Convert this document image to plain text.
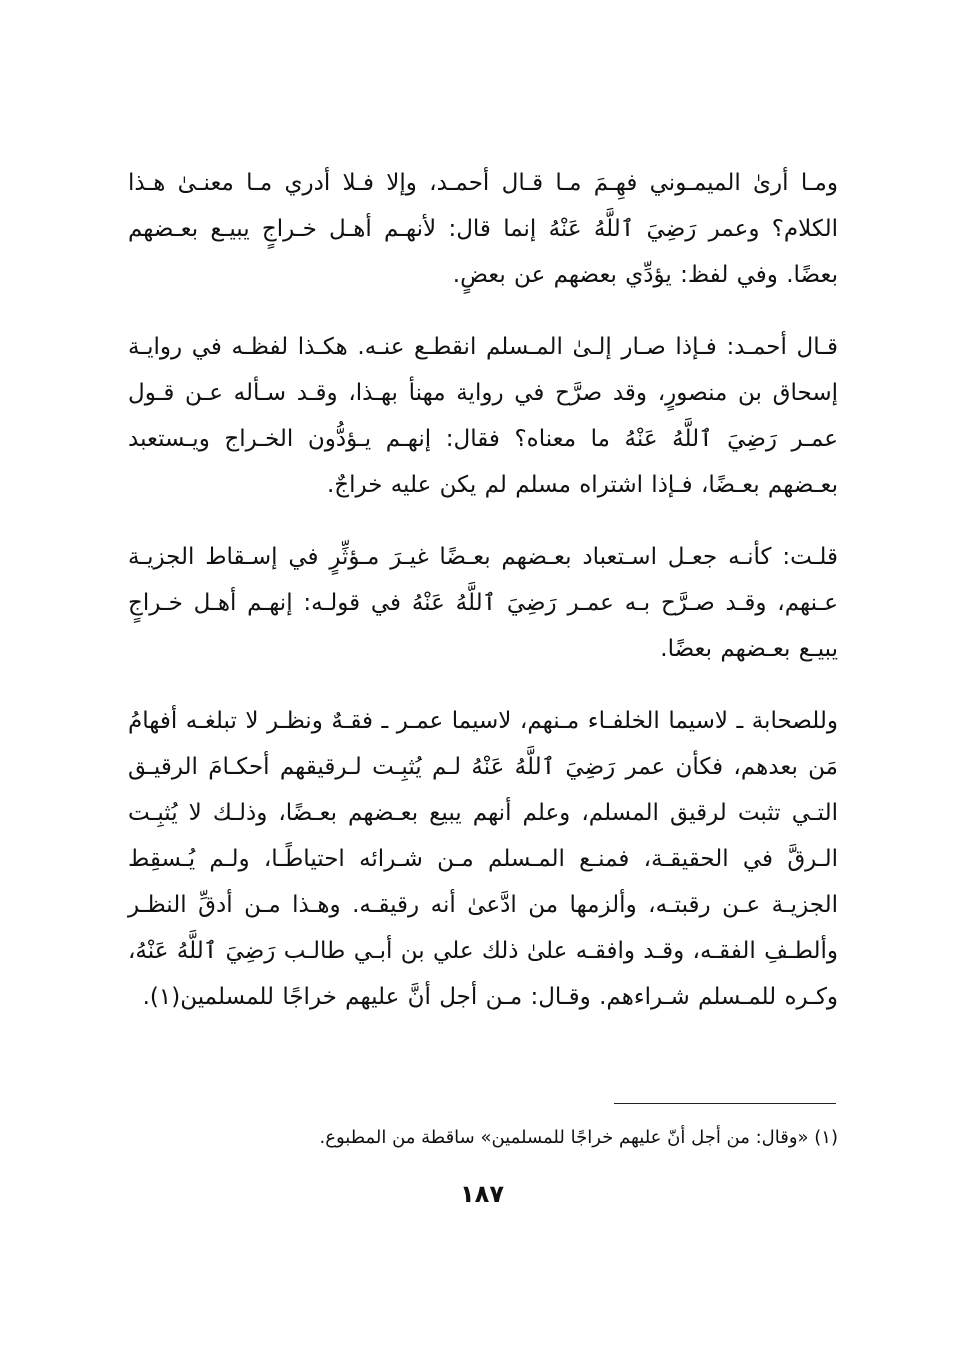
ومـا أرىٰ الميمـوني فهِـمَ مـا قـال أحمـد، وإلا فـلا أدري مـا معنـىٰ هـذا الكلام؟ وعمر رَضِيَ ٱللَّهُ عَنْهُ إنما قال: لأنهـم أهـل خـراجٍ يبيـع بعـضهم بعضًا. وفي لفظ: يؤدِّي بعضهم عن بعضٍ.

قـال أحمـد: فـإذا صـار إلـىٰ المـسلم انقطـع عنـه. هكـذا لفظـه في روايـة إسحاق بن منصورٍ، وقد صرَّح في رواية مهنأ بهـذا، وقـد سـأله عـن قـول عمـر رَضِيَ ٱللَّهُ عَنْهُ ما معناه؟ فقال: إنهـم يـؤدُّون الخـراج ويـستعبد بعـضهم بعـضًا، فـإذا اشتراه مسلم لم يكن عليه خراجٌ.

قلـت: كأنـه جعـل اسـتعباد بعـضهم بعـضًا غيـرَ مـؤثِّرٍ في إسـقاط الجزيـة عـنهم، وقـد صـرَّح بـه عمـر رَضِيَ ٱللَّهُ عَنْهُ في قولـه: إنهـم أهـل خـراجٍ يبيـع بعـضهم بعضًا.

وللصحابة ـ لاسيما الخلفـاء مـنهم، لاسيما عمـر ـ فقـهٌ ونظـر لا تبلغـه أفهامُ مَن بعدهم، فكأن عمر رَضِيَ ٱللَّهُ عَنْهُ لـم يُثبِـت لـرقيقهم أحكـامَ الرقيـق التـي تثبت لرقيق المسلم، وعلم أنهم يبيع بعـضهم بعـضًا، وذلـك لا يُثبِـت الـرقَّ في الحقيقـة، فمنـع المـسلم مـن شـرائه احتياطًـا، ولـم يُـسقِط الجزيـة عـن رقبتـه، وألزمها من ادَّعىٰ أنه رقيقـه. وهـذا مـن أدقِّ النظـر وألطـفِ الفقـه، وقـد وافقـه علىٰ ذلك علي بن أبـي طالـب رَضِيَ ٱللَّهُ عَنْهُ، وكـره للمـسلم شـراءهم. وقـال: مـن أجل أنَّ عليهم خراجًا للمسلمين(١).

(١) «وقال: من أجل أنّ عليهم خراجًا للمسلمين» ساقطة من المطبوع.
١٨٧
